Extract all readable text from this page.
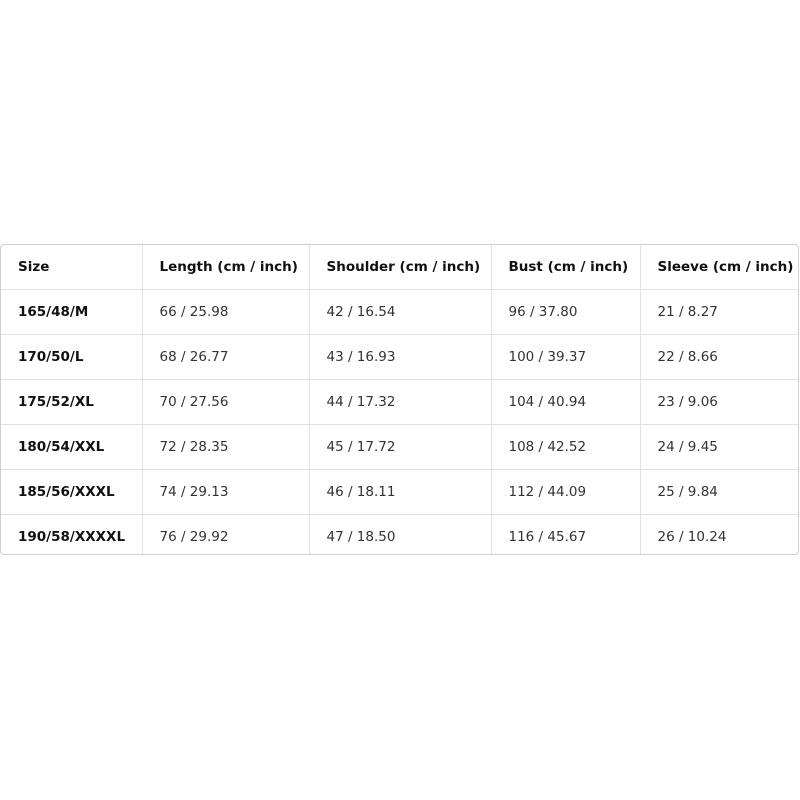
Size	Length (cm / inch)	Shoulder (cm / inch)	Bust (cm / inch)	Sleeve (cm / inch)
165/48/M	66 / 25.98	42 / 16.54	96 / 37.80	21 / 8.27
170/50/L	68 / 26.77	43 / 16.93	100 / 39.37	22 / 8.66
175/52/XL	70 / 27.56	44 / 17.32	104 / 40.94	23 / 9.06
180/54/XXL	72 / 28.35	45 / 17.72	108 / 42.52	24 / 9.45
185/56/XXXL	74 / 29.13	46 / 18.11	112 / 44.09	25 / 9.84
190/58/XXXXL	76 / 29.92	47 / 18.50	116 / 45.67	26 / 10.24
